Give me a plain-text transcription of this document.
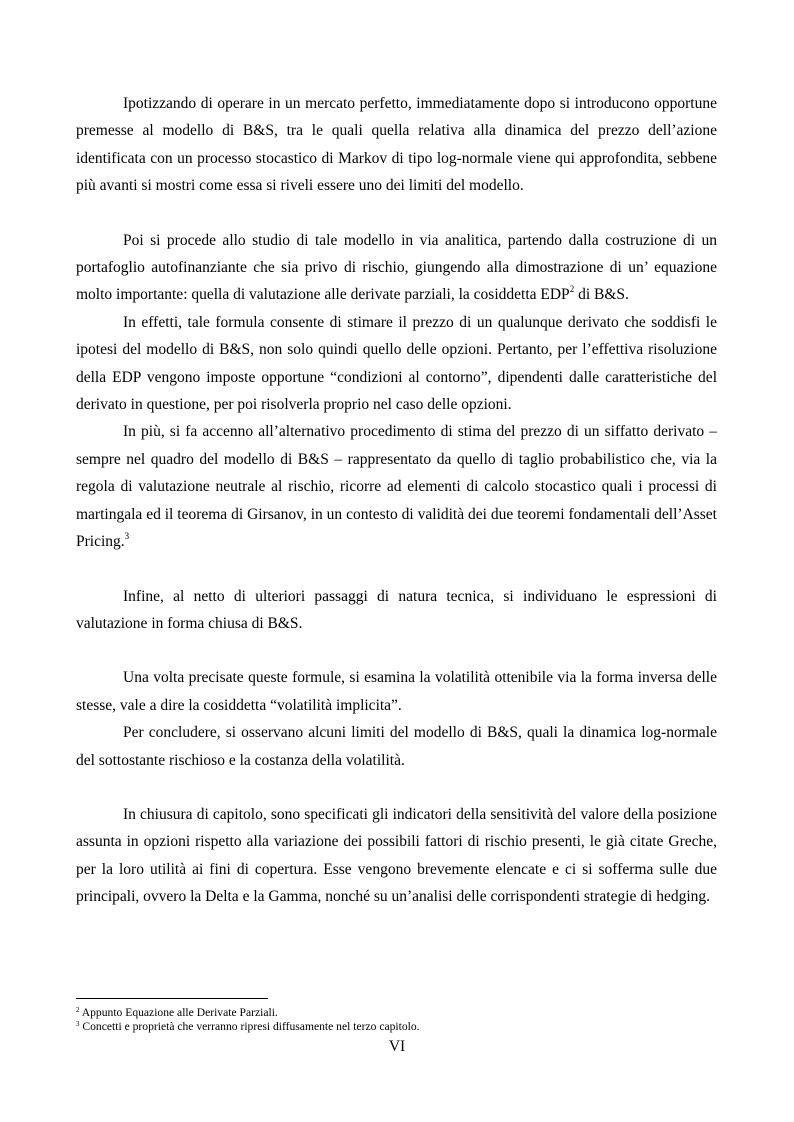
Ipotizzando di operare in un mercato perfetto, immediatamente dopo si introducono opportune premesse al modello di B&S, tra le quali quella relativa alla dinamica del prezzo dell’azione identificata con un processo stocastico di Markov di tipo log-normale viene qui approfondita, sebbene più avanti si mostri come essa si riveli essere uno dei limiti del modello.

Poi si procede allo studio di tale modello in via analitica, partendo dalla costruzione di un portafoglio autofinanziante che sia privo di rischio, giungendo alla dimostrazione di un’ equazione molto importante: quella di valutazione alle derivate parziali, la cosiddetta EDP$^2$ di B&S.

In effetti, tale formula consente di stimare il prezzo di un qualunque derivato che soddisfi le ipotesi del modello di B&S, non solo quindi quello delle opzioni. Pertanto, per l’effettiva risoluzione della EDP vengono imposte opportune “condizioni al contorno”, dipendenti dalle caratteristiche del derivato in questione, per poi risolverla proprio nel caso delle opzioni.

In più, si fa accenno all’alternativo procedimento di stima del prezzo di un siffatto derivato – sempre nel quadro del modello di B&S – rappresentato da quello di taglio probabilistico che, via la regola di valutazione neutrale al rischio, ricorre ad elementi di calcolo stocastico quali i processi di martingala ed il teorema di Girsanov, in un contesto di validità dei due teoremi fondamentali dell’Asset Pricing.$^3$

Infine, al netto di ulteriori passaggi di natura tecnica, si individuano le espressioni di valutazione in forma chiusa di B&S.

Una volta precisate queste formule, si esamina la volatilità ottenibile via la forma inversa delle stesse, vale a dire la cosiddetta “volatilità implicita”.

Per concludere, si osservano alcuni limiti del modello di B&S, quali la dinamica log-normale del sottostante rischioso e la costanza della volatilità.

In chiusura di capitolo, sono specificati gli indicatori della sensitività del valore della posizione assunta in opzioni rispetto alla variazione dei possibili fattori di rischio presenti, le già citate Greche, per la loro utilità ai fini di copertura. Esse vengono brevemente elencate e ci si sofferma sulle due principali, ovvero la Delta e la Gamma, nonché su un’analisi delle corrispondenti strategie di hedging.

$^2$ Appunto Equazione alle Derivate Parziali.

$^3$ Concetti e proprietà che verranno ripresi diffusamente nel terzo capitolo.

VI
